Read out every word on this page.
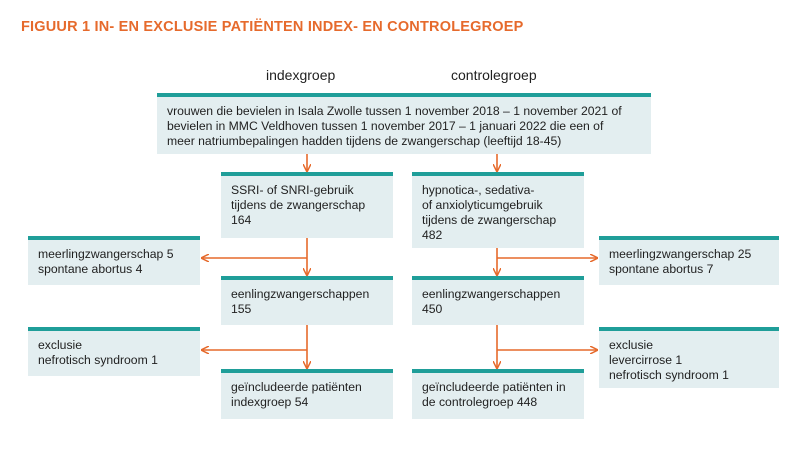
FIGUUR 1 IN- EN EXCLUSIE PATIËNTEN INDEX- EN CONTROLEGROEP
indexgroep	controlegroep
vrouwen die bevielen in Isala Zwolle tussen 1 november 2018 – 1 november 2021 of
bevielen in MMC Veldhoven tussen 1 november 2017 – 1 januari 2022 die een of
meer natriumbepalingen hadden tijdens de zwangerschap (leeftijd 18-45)
SSRI- of SNRI-gebruik
tijdens de zwangerschap
164
eenlingzwangerschappen
155
geïncludeerde patiënten
indexgroep 54
meerlingzwangerschap 5
spontane abortus 4
exclusie
nefrotisch syndroom 1
hypnotica-, sedativa-
of anxiolyticumgebruik
tijdens de zwangerschap
482
eenlingzwangerschappen
450
geïncludeerde patiënten in
de controlegroep 448
meerlingzwangerschap 25
spontane abortus 7
exclusie
levercirrose 1
nefrotisch syndroom 1
